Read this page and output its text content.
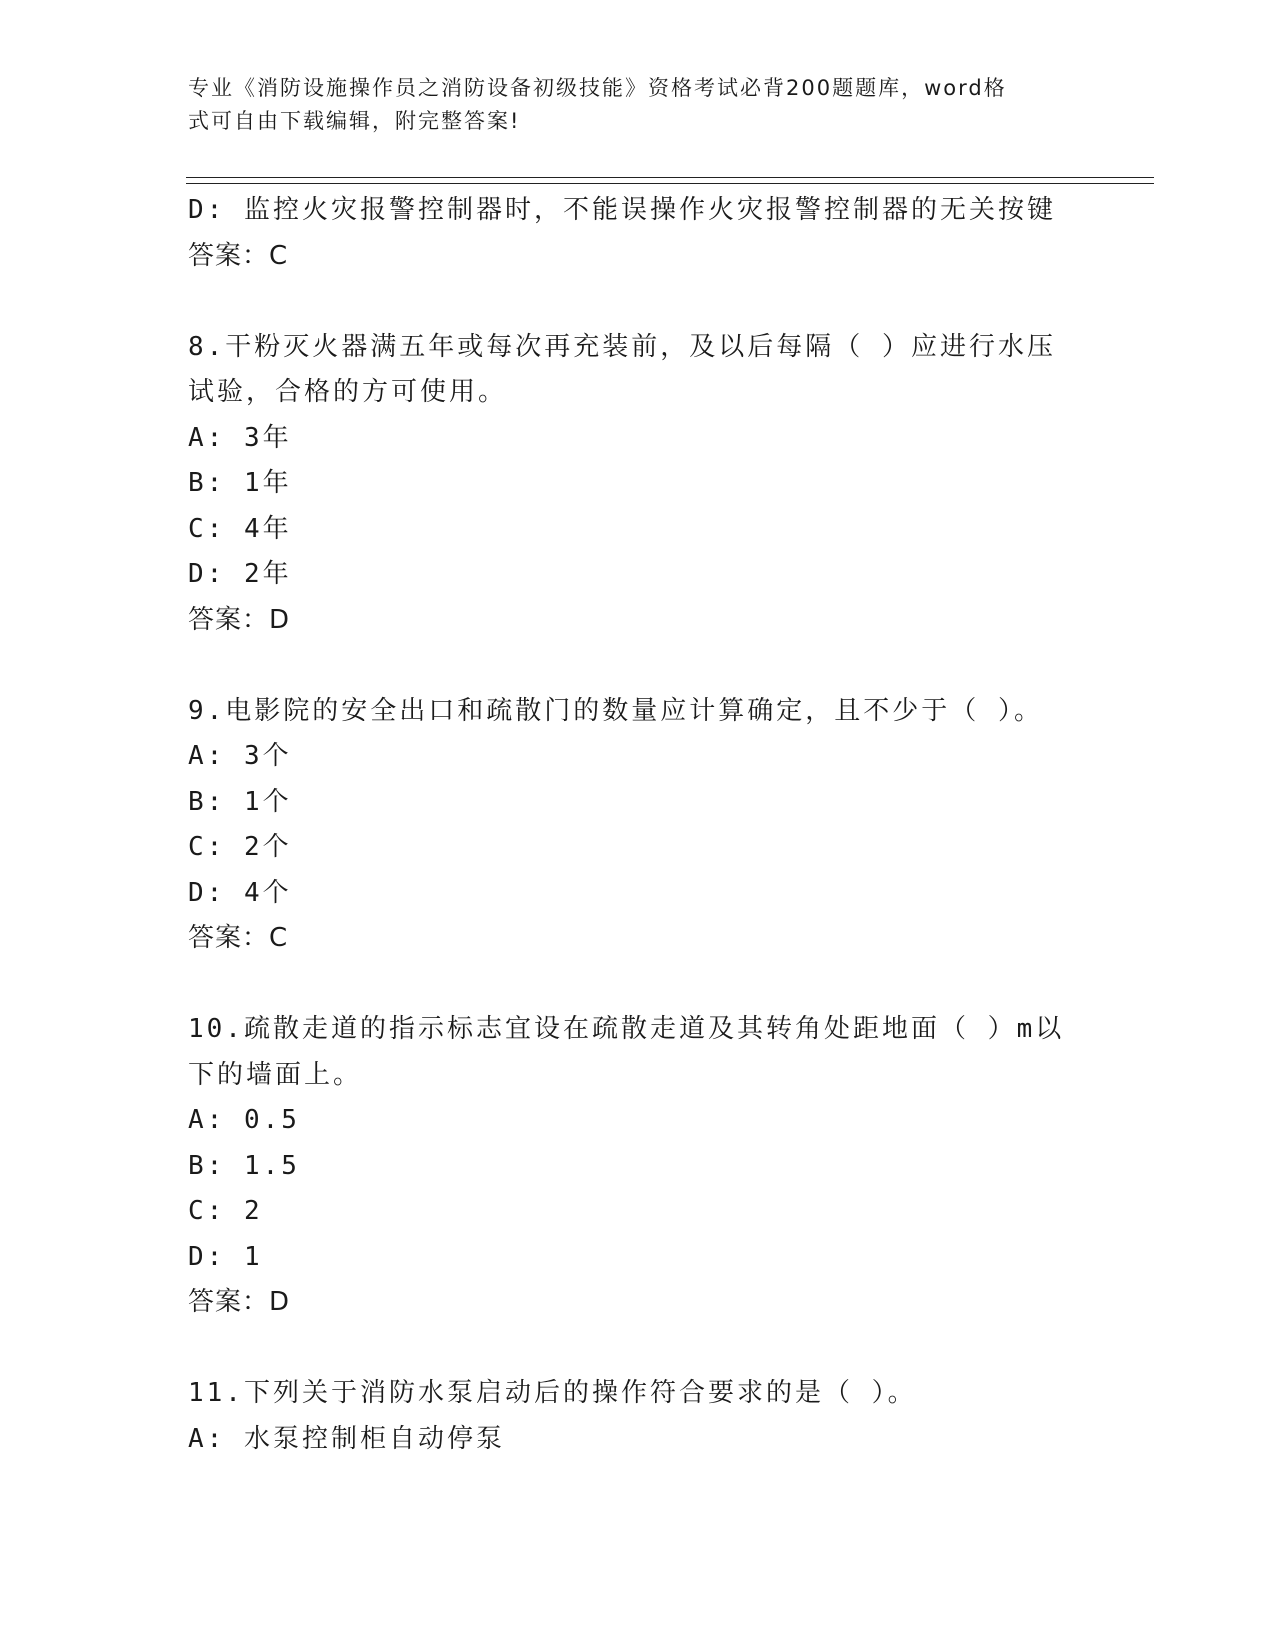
专业《消防设施操作员之消防设备初级技能》资格考试必背200题题库，word格
式可自由下载编辑，附完整答案!
D: 监控火灾报警控制器时，不能误操作火灾报警控制器的无关按键
答案：C
8.干粉灭火器满五年或每次再充装前，及以后每隔（ ）应进行水压
试验，合格的方可使用。
A: 3年
B: 1年
C: 4年
D: 2年
答案：D
9.电影院的安全出口和疏散门的数量应计算确定，且不少于（ ）。
A: 3个
B: 1个
C: 2个
D: 4个
答案：C
10.疏散走道的指示标志宜设在疏散走道及其转角处距地面（ ）m以
下的墙面上。
A: 0.5
B: 1.5
C: 2
D: 1
答案：D
11.下列关于消防水泵启动后的操作符合要求的是（ ）。
A: 水泵控制柜自动停泵
